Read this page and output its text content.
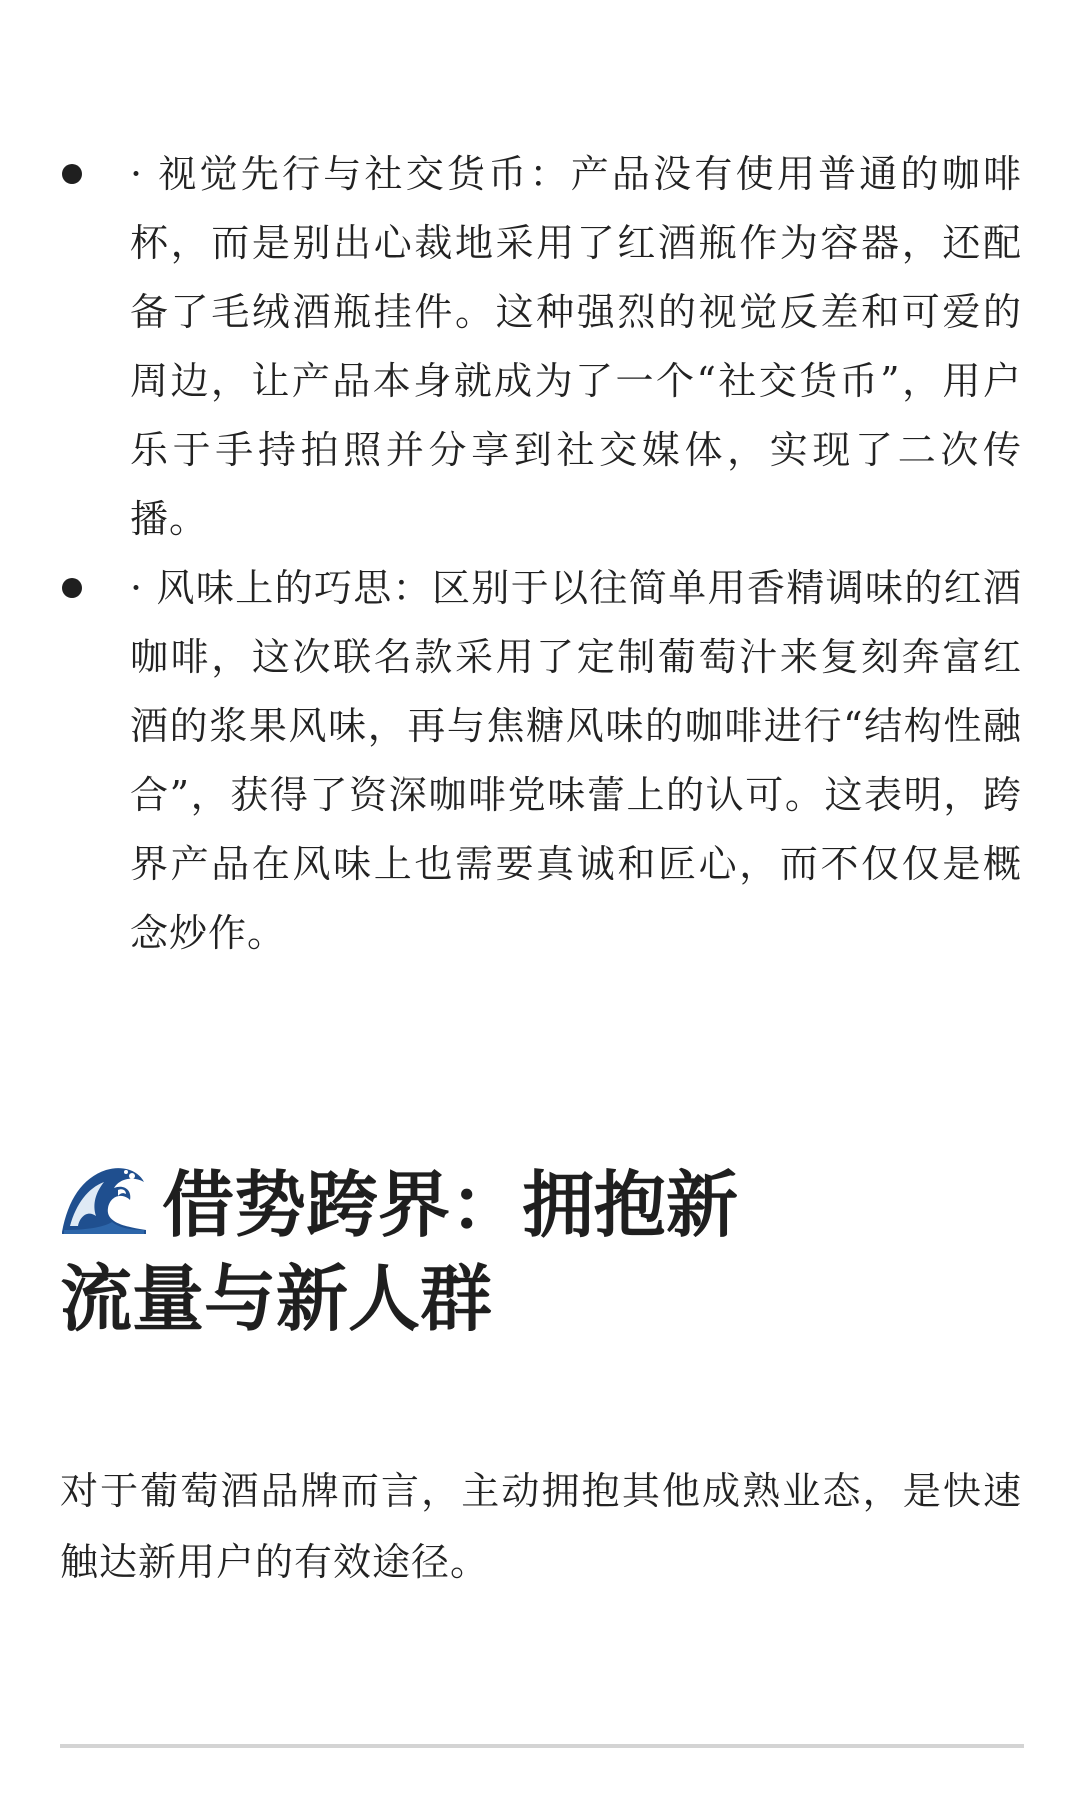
· 视觉先行与社交货币：产品没有使用普通的咖啡杯，而是别出心裁地采用了红酒瓶作为容器，还配备了毛绒酒瓶挂件。这种强烈的视觉反差和可爱的周边，让产品本身就成为了一个“社交货币”，用户乐于手持拍照并分享到社交媒体，实现了二次传播。
· 风味上的巧思：区别于以往简单用香精调味的红酒咖啡，这次联名款采用了定制葡萄汁来复刻奔富红酒的浆果风味，再与焦糖风味的咖啡进行“结构性融合”，获得了资深咖啡党味蕾上的认可。这表明，跨界产品在风味上也需要真诚和匠心，而不仅仅是概念炒作。
借势跨界：拥抱新流量与新人群

对于葡萄酒品牌而言，主动拥抱其他成熟业态，是快速触达新用户的有效途径。
